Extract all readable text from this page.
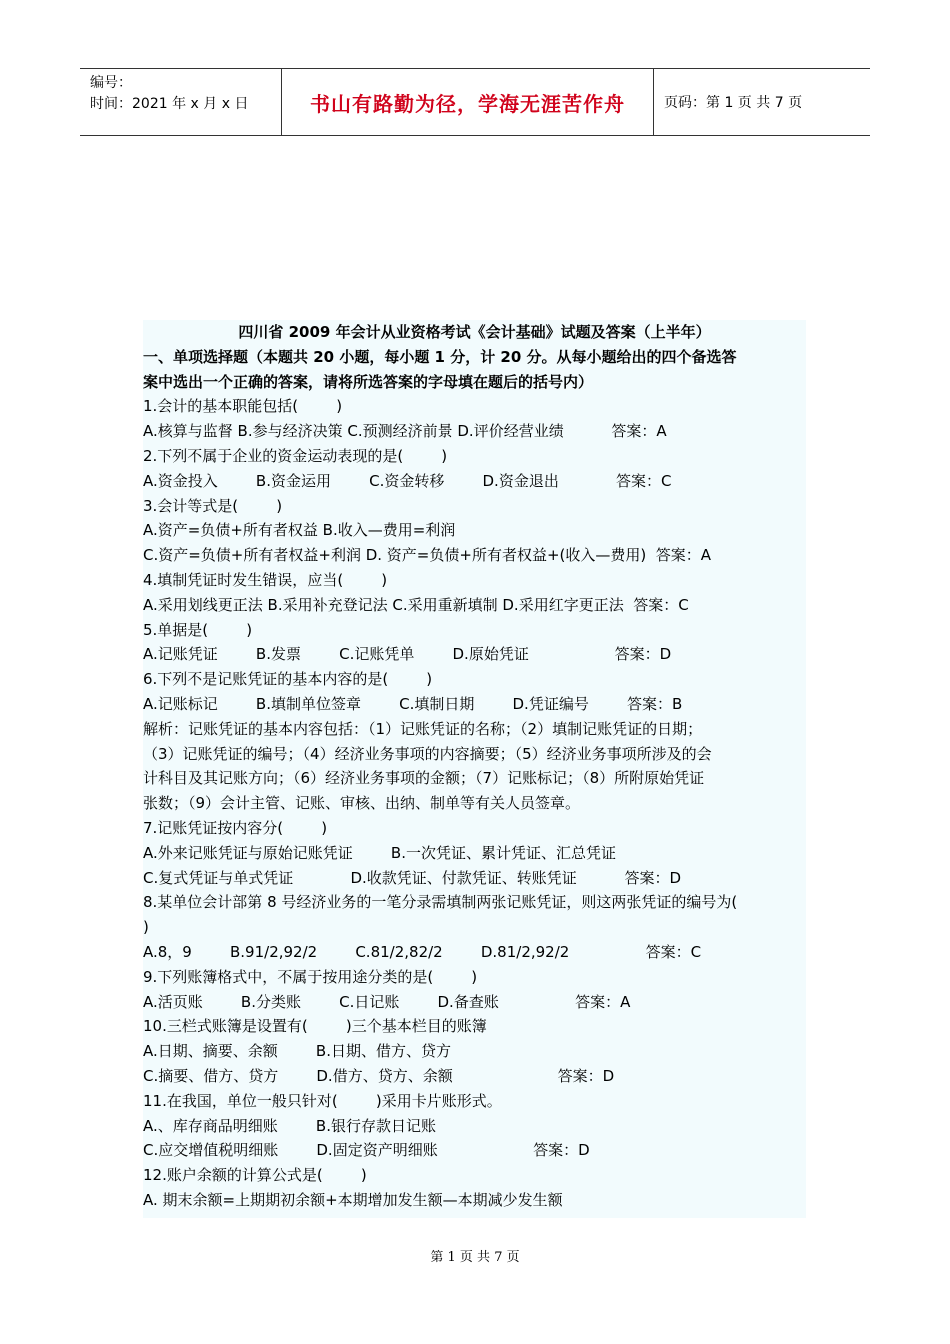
编号：
时间：2021 年 x 月 x 日	书山有路勤为径，学海无涯苦作舟	页码：第 1 页 共 7 页
四川省 2009 年会计从业资格考试《会计基础》试题及答案（上半年）
一、单项选择题（本题共 20 小题，每小题 1 分，计 20 分。从每小题给出的四个备选答
案中选出一个正确的答案，请将所选答案的字母填在题后的括号内）
1.会计的基本职能包括(        )
A.核算与监督 B.参与经济决策 C.预测经济前景 D.评价经营业绩          答案：A
2.下列不属于企业的资金运动表现的是(        )
A.资金投入        B.资金运用        C.资金转移        D.资金退出            答案：C
3.会计等式是(        )
A.资产=负债+所有者权益 B.收入—费用=利润
C.资产=负债+所有者权益+利润 D. 资产=负债+所有者权益+(收入—费用)  答案：A
4.填制凭证时发生错误，应当(        )
A.采用划线更正法 B.采用补充登记法 C.采用重新填制 D.采用红字更正法  答案：C
5.单据是(        )
A.记账凭证        B.发票        C.记账凭单        D.原始凭证                  答案：D
6.下列不是记账凭证的基本内容的是(        )
A.记账标记        B.填制单位签章        C.填制日期        D.凭证编号        答案：B
解析：记账凭证的基本内容包括：（1）记账凭证的名称；（2）填制记账凭证的日期；
（3）记账凭证的编号；（4）经济业务事项的内容摘要；（5）经济业务事项所涉及的会
计科目及其记账方向；（6）经济业务事项的金额；（7）记账标记；（8）所附原始凭证
张数；（9）会计主管、记账、审核、出纳、制单等有关人员签章。
7.记账凭证按内容分(        )
A.外来记账凭证与原始记账凭证        B.一次凭证、累计凭证、汇总凭证
C.复式凭证与单式凭证            D.收款凭证、付款凭证、转账凭证          答案：D
8.某单位会计部第 8 号经济业务的一笔分录需填制两张记账凭证，则这两张凭证的编号为(
)
A.8，9        B.91/2,92/2        C.81/2,82/2        D.81/2,92/2                答案：C
9.下列账簿格式中，不属于按用途分类的是(        )
A.活页账        B.分类账        C.日记账        D.备查账                答案：A
10.三栏式账簿是设置有(        )三个基本栏目的账簿
A.日期、摘要、余额        B.日期、借方、贷方
C.摘要、借方、贷方        D.借方、贷方、余额                      答案：D
11.在我国，单位一般只针对(        )采用卡片账形式。
A.、库存商品明细账        B.银行存款日记账
C.应交增值税明细账        D.固定资产明细账                    答案：D
12.账户余额的计算公式是(        )
A. 期末余额=上期期初余额+本期增加发生额—本期减少发生额
第 1 页 共 7 页
